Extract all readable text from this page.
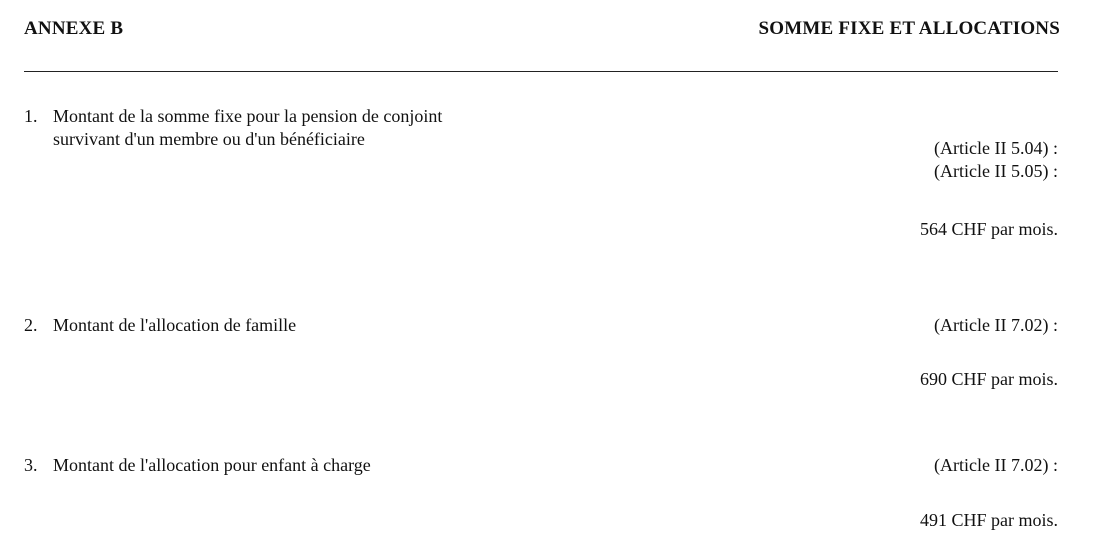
ANNEXE B	SOMME FIXE ET ALLOCATIONS
1. Montant de la somme fixe pour la pension de conjoint
survivant d'un membre ou d'un bénéficiaire	(Article II 5.04) :
(Article II 5.05) :
564 CHF par mois.
2. Montant de l'allocation de famille	(Article II 7.02) :
690 CHF par mois.
3. Montant de l'allocation pour enfant à charge	(Article II 7.02) :
491 CHF par mois.
